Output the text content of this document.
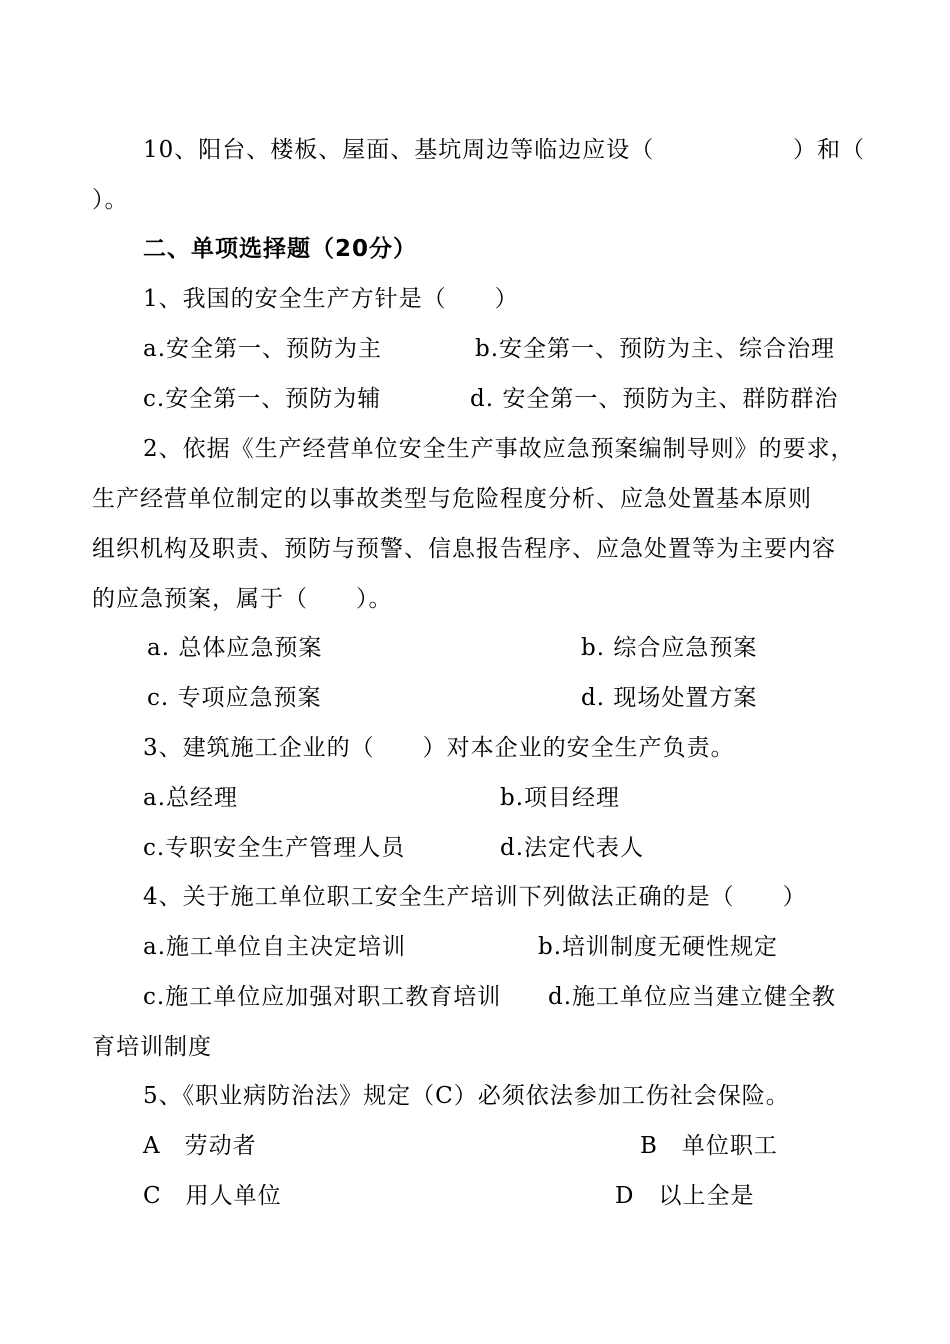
10、阳台、楼板、屋面、基坑周边等临边应设（	）和（
）。
二、单项选择题（20分）
1、我国的安全生产方针是（　　）
a.安全第一、预防为主	b.安全第一、预防为主、综合治理
c.安全第一、预防为辅	d. 安全第一、预防为主、群防群治
2、依据《生产经营单位安全生产事故应急预案编制导则》的要求，
生产经营单位制定的以事故类型与危险程度分析、应急处置基本原则
组织机构及职责、预防与预警、信息报告程序、应急处置等为主要内容
的应急预案，属于（　　）。
a. 总体应急预案	b. 综合应急预案
c. 专项应急预案	d. 现场处置方案
3、建筑施工企业的（　　）对本企业的安全生产负责。
a.总经理	b.项目经理
c.专职安全生产管理人员	d.法定代表人
4、关于施工单位职工安全生产培训下列做法正确的是（　　）
a.施工单位自主决定培训	b.培训制度无硬性规定
c.施工单位应加强对职工教育培训 d.施工单位应当建立健全教
育培训制度
5、《职业病防治法》规定（C）必须依法参加工伤社会保险。
A　劳动者	B　单位职工
C　用人单位	D　以上全是
